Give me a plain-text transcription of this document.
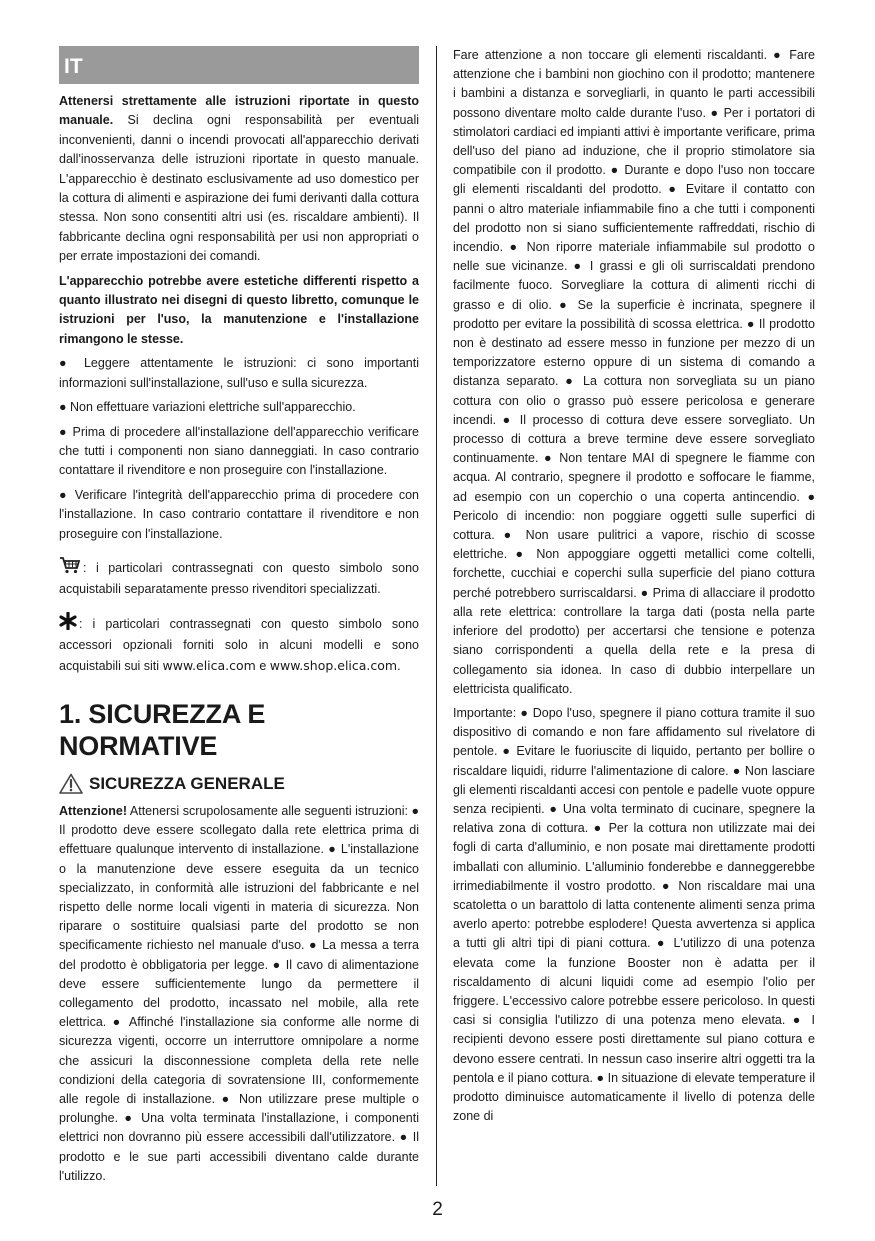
IT

Attenersi strettamente alle istruzioni riportate in questo manuale. Si declina ogni responsabilità per eventuali inconvenienti, danni o incendi provocati all'apparecchio derivati dall'inosservanza delle istruzioni riportate in questo manuale. L'apparecchio è destinato esclusivamente ad uso domestico per la cottura di alimenti e aspirazione dei fumi derivanti dalla cottura stessa. Non sono consentiti altri usi (es. riscaldare ambienti). Il fabbricante declina ogni responsabilità per usi non appropriati o per errate impostazioni dei comandi.

L'apparecchio potrebbe avere estetiche differenti rispetto a quanto illustrato nei disegni di questo libretto, comunque le istruzioni per l'uso, la manutenzione e l'installazione rimangono le stesse.

● Leggere attentamente le istruzioni: ci sono importanti informazioni sull'installazione, sull'uso e sulla sicurezza.

● Non effettuare variazioni elettriche sull'apparecchio.

● Prima di procedere all'installazione dell'apparecchio verificare che tutti i componenti non siano danneggiati. In caso contrario contattare il rivenditore e non proseguire con l'installazione.

● Verificare l'integrità dell'apparecchio prima di procedere con l'installazione. In caso contrario contattare il rivenditore e non proseguire con l'installazione.

: i particolari contrassegnati con questo simbolo sono acquistabili separatamente presso rivenditori specializzati.

: i particolari contrassegnati con questo simbolo sono accessori opzionali forniti solo in alcuni modelli e sono acquistabili sui siti www.elica.com e www.shop.elica.com.

1. SICUREZZA E NORMATIVE
SICUREZZA GENERALE

Attenzione! Attenersi scrupolosamente alle seguenti istruzioni: ● Il prodotto deve essere scollegato dalla rete elettrica prima di effettuare qualunque intervento di installazione. ● L'installazione o la manutenzione deve essere eseguita da un tecnico specializzato, in conformità alle istruzioni del fabbricante e nel rispetto delle norme locali vigenti in materia di sicurezza. Non riparare o sostituire qualsiasi parte del prodotto se non specificamente richiesto nel manuale d'uso. ● La messa a terra del prodotto è obbligatoria per legge. ● Il cavo di alimentazione deve essere sufficientemente lungo da permettere il collegamento del prodotto, incassato nel mobile, alla rete elettrica. ● Affinché l'installazione sia conforme alle norme di sicurezza vigenti, occorre un interruttore omnipolare a norme che assicuri la disconnessione completa della rete nelle condizioni della categoria di sovratensione III, conformemente alle regole di installazione. ● Non utilizzare prese multiple o prolunghe. ● Una volta terminata l'installazione, i componenti elettrici non dovranno più essere accessibili dall'utilizzatore. ● Il prodotto e le sue parti accessibili diventano calde durante l'utilizzo.

Fare attenzione a non toccare gli elementi riscaldanti. ● Fare attenzione che i bambini non giochino con il prodotto; mantenere i bambini a distanza e sorvegliarli, in quanto le parti accessibili possono diventare molto calde durante l'uso. ● Per i portatori di stimolatori cardiaci ed impianti attivi è importante verificare, prima dell'uso del piano ad induzione, che il proprio stimolatore sia compatibile con il prodotto. ● Durante e dopo l'uso non toccare gli elementi riscaldanti del prodotto. ● Evitare il contatto con panni o altro materiale infiammabile fino a che tutti i componenti del prodotto non si siano sufficientemente raffreddati, rischio di incendio. ● Non riporre materiale infiammabile sul prodotto o nelle sue vicinanze. ● I grassi e gli oli surriscaldati prendono facilmente fuoco. Sorvegliare la cottura di alimenti ricchi di grasso e di olio. ● Se la superficie è incrinata, spegnere il prodotto per evitare la possibilità di scossa elettrica. ● Il prodotto non è destinato ad essere messo in funzione per mezzo di un temporizzatore esterno oppure di un sistema di comando a distanza separato. ● La cottura non sorvegliata su un piano cottura con olio o grasso può essere pericolosa e generare incendi. ● Il processo di cottura deve essere sorvegliato. Un processo di cottura a breve termine deve essere sorvegliato continuamente. ● Non tentare MAI di spegnere le fiamme con acqua. Al contrario, spegnere il prodotto e soffocare le fiamme, ad esempio con un coperchio o una coperta antincendio. ● Pericolo di incendio: non poggiare oggetti sulle superfici di cottura. ● Non usare pulitrici a vapore, rischio di scosse elettriche. ● Non appoggiare oggetti metallici come coltelli, forchette, cucchiai e coperchi sulla superficie del piano cottura perché potrebbero surriscaldarsi. ● Prima di allacciare il prodotto alla rete elettrica: controllare la targa dati (posta nella parte inferiore del prodotto) per accertarsi che tensione e potenza siano corrispondenti a quella della rete e la presa di collegamento sia idonea. In caso di dubbio interpellare un elettricista qualificato.

Importante: ● Dopo l'uso, spegnere il piano cottura tramite il suo dispositivo di comando e non fare affidamento sul rivelatore di pentole. ● Evitare le fuoriuscite di liquido, pertanto per bollire o riscaldare liquidi, ridurre l'alimentazione di calore. ● Non lasciare gli elementi riscaldanti accesi con pentole e padelle vuote oppure senza recipienti. ● Una volta terminato di cucinare, spegnere la relativa zona di cottura. ● Per la cottura non utilizzate mai dei fogli di carta d'alluminio, e non posate mai direttamente prodotti imballati con alluminio. L'alluminio fonderebbe e danneggerebbe irrimediabilmente il vostro prodotto. ● Non riscaldare mai una scatoletta o un barattolo di latta contenente alimenti senza prima averlo aperto: potrebbe esplodere! Questa avvertenza si applica a tutti gli altri tipi di piani cottura. ● L'utilizzo di una potenza elevata come la funzione Booster non è adatta per il riscaldamento di alcuni liquidi come ad esempio l'olio per friggere. L'eccessivo calore potrebbe essere pericoloso. In questi casi si consiglia l'utilizzo di una potenza meno elevata. ● I recipienti devono essere posti direttamente sul piano cottura e devono essere centrati. In nessun caso inserire altri oggetti tra la pentola e il piano cottura. ● In situazione di elevate temperature il prodotto diminuisce automaticamente il livello di potenza delle zone di

2
